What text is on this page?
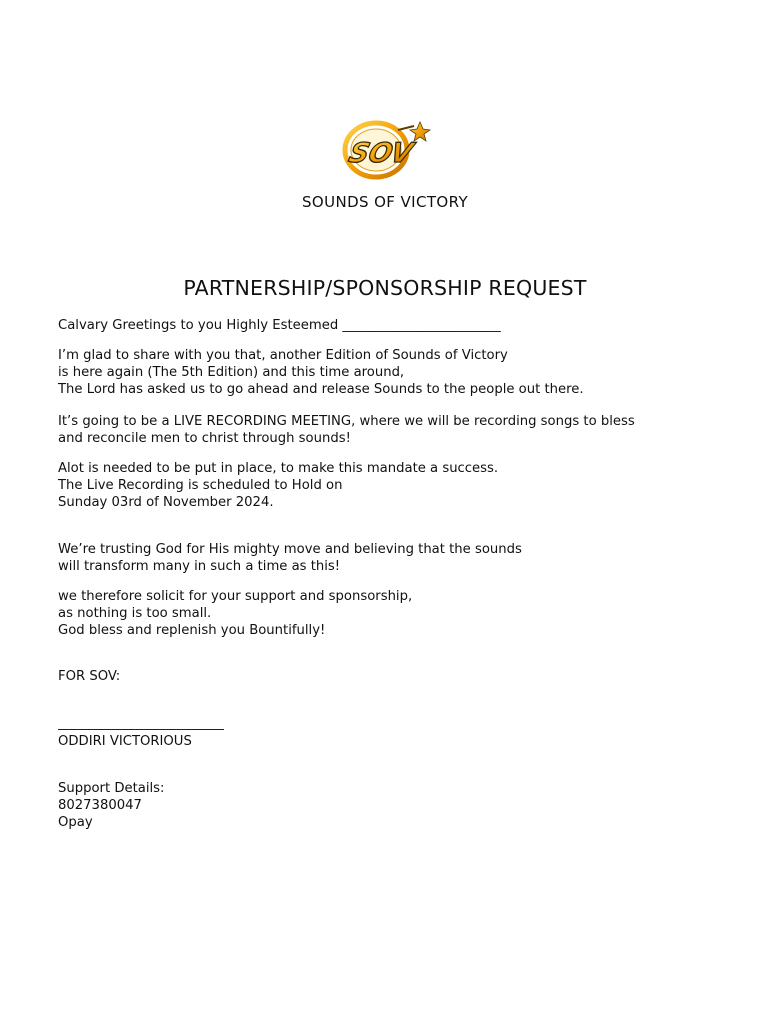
SOV
SOUNDS OF VICTORY
PARTNERSHIP/SPONSORSHIP REQUEST
Calvary Greetings to you Highly Esteemed ________________________
I’m glad to share with you that, another Edition of Sounds of Victory
is here again (The 5th Edition) and this time around,
The Lord has asked us to go ahead and release Sounds to the people out there.
It’s going to be a LIVE RECORDING MEETING, where we will be recording songs to bless
and reconcile men to christ through sounds!
Alot is needed to be put in place, to make this mandate a success.
The Live Recording is scheduled to Hold on
Sunday 03rd of November 2024.
We’re trusting God for His mighty move and believing that the sounds
will transform many in such a time as this!
we therefore solicit for your support and sponsorship,
as nothing is too small.
God bless and replenish you Bountifully!
FOR SOV:
ODDIRI VICTORIOUS
Support Details:
8027380047
Opay
